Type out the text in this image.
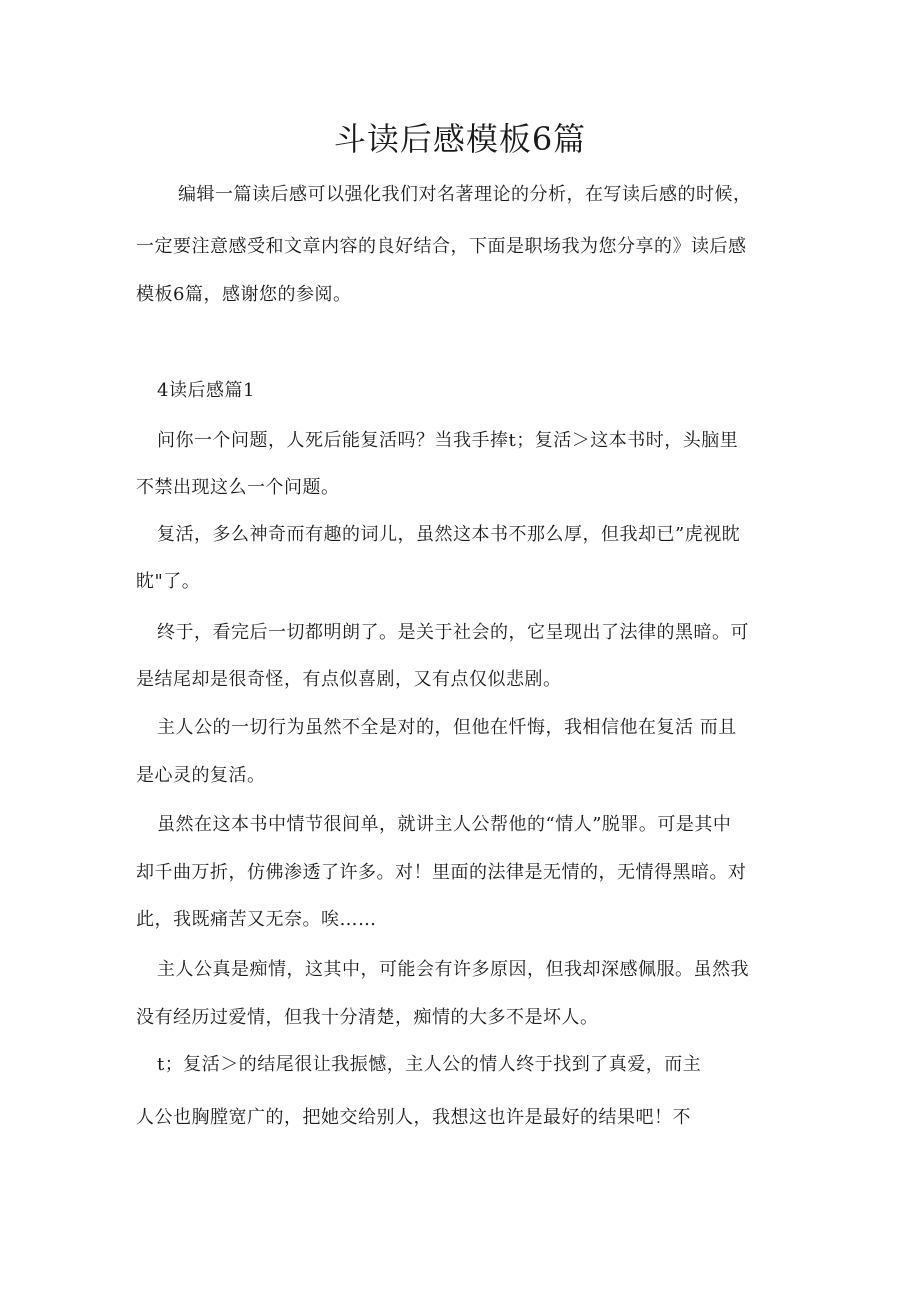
斗读后感模板6篇

编辑一篇读后感可以强化我们对名著理论的分析，在写读后感的时候，

一定要注意感受和文章内容的良好结合，下面是职场我为您分享的》读后感

模板6篇，感谢您的参阅。

4读后感篇1

问你一个问题，人死后能复活吗？当我手捧t；复活＞这本书时，头脑里

不禁出现这么一个问题。

复活，多么神奇而有趣的词儿，虽然这本书不那么厚，但我却已”虎视眈

眈"了。

终于，看完后一切都明朗了。是关于社会的，它呈现出了法律的黑暗。可

是结尾却是很奇怪，有点似喜剧，又有点仅似悲剧。

主人公的一切行为虽然不全是对的，但他在忏悔，我相信他在复活 而且

是心灵的复活。

虽然在这本书中情节很间单，就讲主人公帮他的“情人”脱罪。可是其中

却千曲万折，仿佛渗透了许多。对！里面的法律是无情的，无情得黑暗。对

此，我既痛苦又无奈。唉……

主人公真是痴情，这其中，可能会有许多原因，但我却深感佩服。虽然我

没有经历过爱情，但我十分清楚，痴情的大多不是坏人。

t；复活＞的结尾很让我振憾，主人公的情人终于找到了真爱，而主

人公也胸膛宽广的，把她交给别人，我想这也许是最好的结果吧！不
